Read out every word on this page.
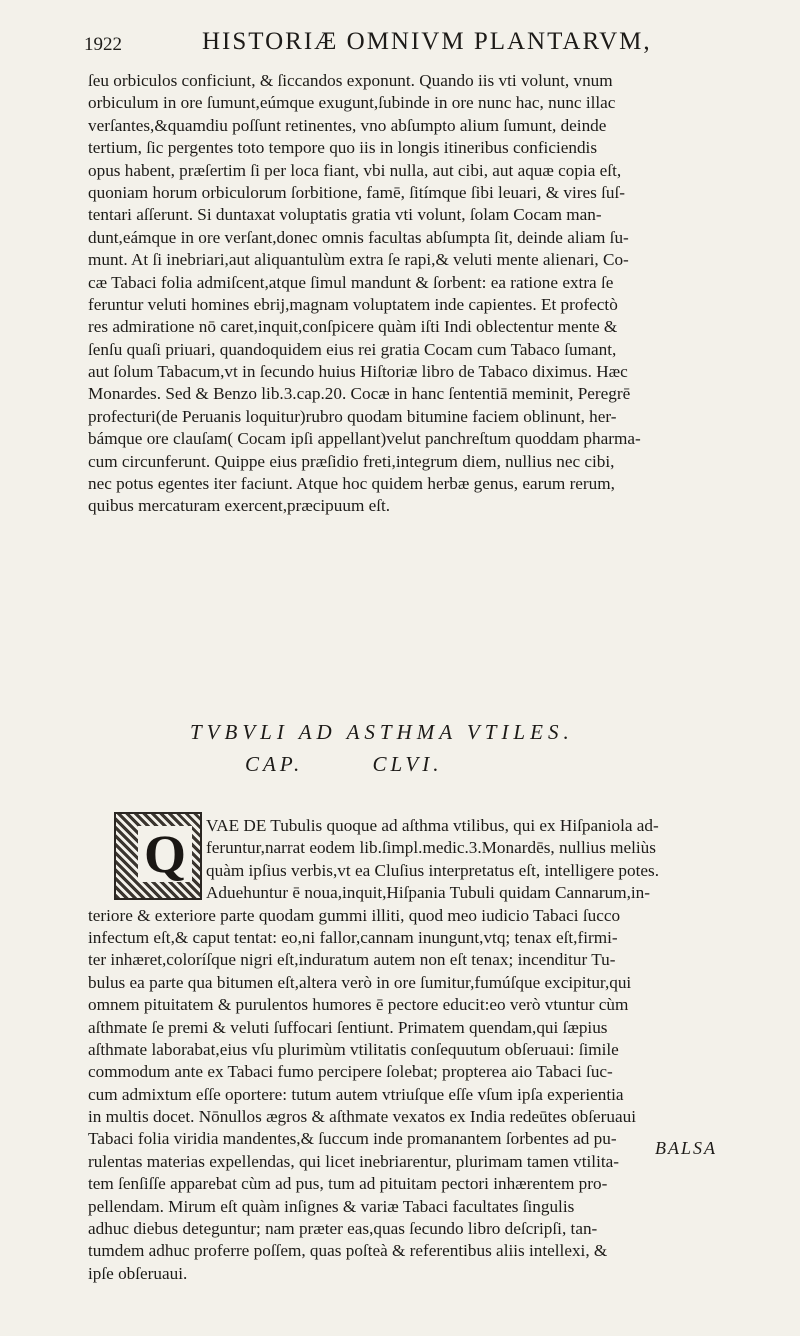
1922	HISTORIÆ OMNIVM PLANTARVM,
ſeu orbiculos conficiunt, & ſiccandos exponunt. Quando iis vti volunt, vnum
orbiculum in ore ſumunt,eúmque exugunt,ſubinde in ore nunc hac, nunc illac
verſantes,&quamdiu poſſunt retinentes, vno abſumpto alium ſumunt, deinde
tertium, ſic pergentes toto tempore quo iis in longis itineribus conficiendis
opus habent, præſertim ſi per loca fiant, vbi nulla, aut cibi, aut aquæ copia eſt,
quoniam horum orbiculorum ſorbitione, famē, ſitímque ſibi leuari, & vires ſuſ-
tentari aſſerunt. Si duntaxat voluptatis gratia vti volunt, ſolam Cocam man-
dunt,eámque in ore verſant,donec omnis facultas abſumpta ſit, deinde aliam ſu-
munt. At ſi inebriari,aut aliquantulùm extra ſe rapi,& veluti mente alienari, Co-
cæ Tabaci folia admiſcent,atque ſimul mandunt & ſorbent: ea ratione extra ſe
feruntur veluti homines ebrij,magnam voluptatem inde capientes. Et profectò
res admiratione nō caret,inquit,conſpicere quàm iſti Indi oblectentur mente &
ſenſu quaſi priuari, quandoquidem eius rei gratia Cocam cum Tabaco ſumant,
aut ſolum Tabacum,vt in ſecundo huius Hiſtoriæ libro de Tabaco diximus. Hæc
Monardes. Sed & Benzo lib.3.cap.20. Cocæ in hanc ſententiā meminit, Peregrē
profecturi(de Peruanis loquitur)rubro quodam bitumine faciem oblinunt, her-
bámque ore clauſam( Cocam ipſi appellant)velut panchreſtum quoddam pharma-
cum circunferunt. Quippe eius præſidio freti,integrum diem, nullius nec cibi,
nec potus egentes iter faciunt. Atque hoc quidem herbæ genus, earum rerum,
quibus mercaturam exercent,præcipuum eſt.
TVBVLI AD ASTHMA VTILES.
CAP.	CLVI.
Q	VAE DE Tubulis quoque ad aſthma vtilibus, qui ex Hiſpaniola ad-
feruntur,narrat eodem lib.ſimpl.medic.3.Monardēs, nullius meliùs
quàm ipſius verbis,vt ea Cluſius interpretatus eſt, intelligere potes.
Aduehuntur ē noua,inquit,Hiſpania Tubuli quidam Cannarum,in-
teriore & exteriore parte quodam gummi illiti, quod meo iudicio Tabaci ſucco
infectum eſt,& caput tentat: eo,ni fallor,cannam inungunt,vtq; tenax eſt,firmi-
ter inhæret,coloríſque nigri eſt,induratum autem non eſt tenax; incenditur Tu-
bulus ea parte qua bitumen eſt,altera verò in ore ſumitur,fumúſque excipitur,qui
omnem pituitatem & purulentos humores ē pectore educit:eo verò vtuntur cùm
aſthmate ſe premi & veluti ſuffocari ſentiunt. Primatem quendam,qui ſæpius
aſthmate laborabat,eius vſu plurimùm vtilitatis conſequutum obſeruaui: ſimile
commodum ante ex Tabaci fumo percipere ſolebat; propterea aio Tabaci ſuc-
cum admixtum eſſe oportere: tutum autem vtriuſque eſſe vſum ipſa experientia
in multis docet. Nōnullos ægros & aſthmate vexatos ex India redeūtes obſeruaui
Tabaci folia viridia mandentes,& ſuccum inde promanantem ſorbentes ad pu-
rulentas materias expellendas, qui licet inebriarentur, plurimam tamen vtilita-
tem ſenſiſſe apparebat cùm ad pus, tum ad pituitam pectori inhærentem pro-
pellendam. Mirum eſt quàm inſignes & variæ Tabaci facultates ſingulis
adhuc diebus deteguntur; nam præter eas,quas ſecundo libro deſcripſi, tan-
tumdem adhuc proferre poſſem, quas poſteà & referentibus aliis intellexi, &
ipſe obſeruaui.
BALSA
